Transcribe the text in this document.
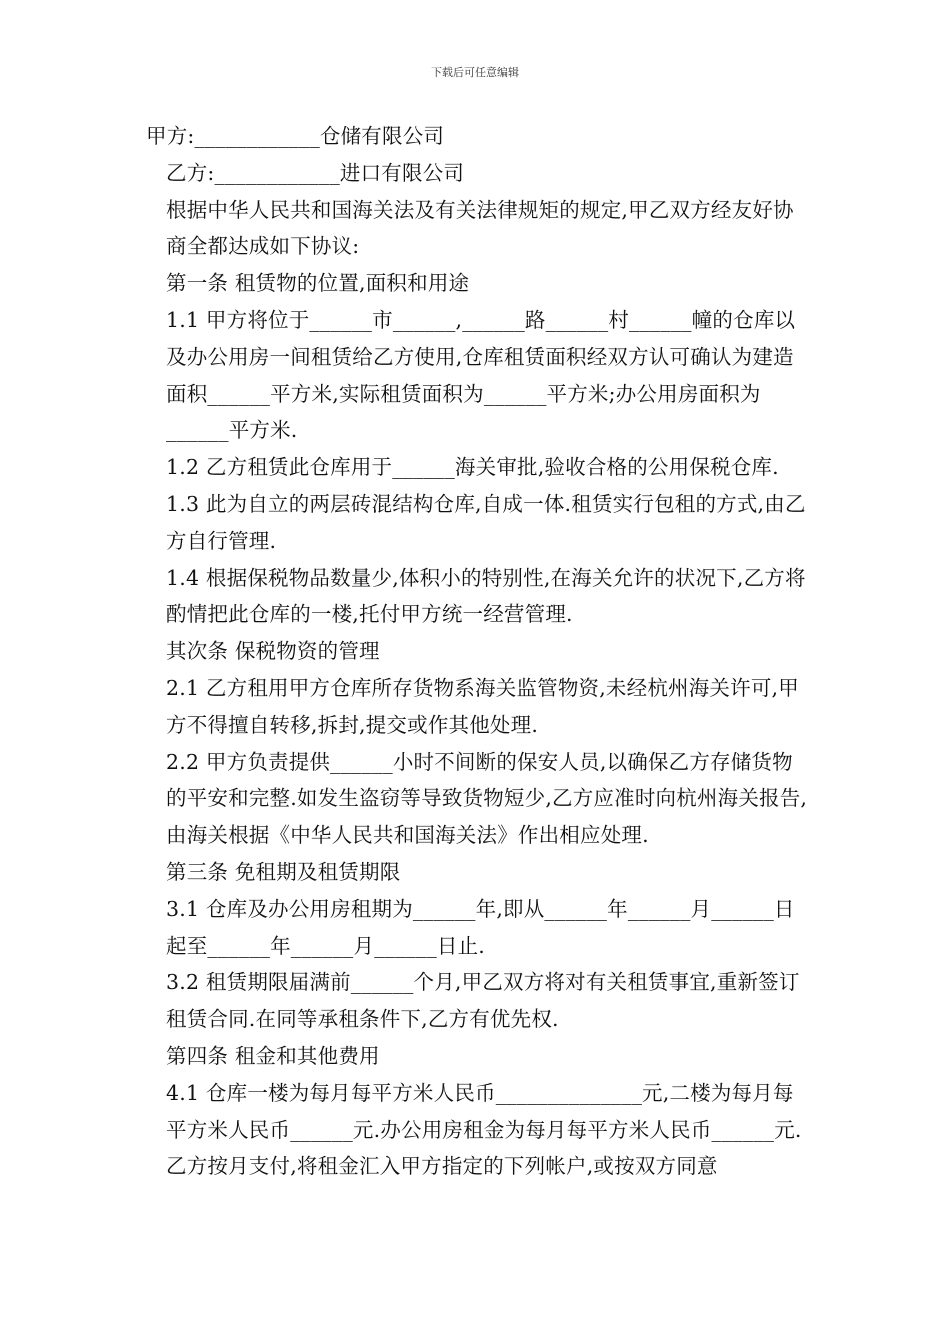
下载后可任意编辑

甲方:____________仓储有限公司

乙方:____________进口有限公司

根据中华人民共和国海关法及有关法律规矩的规定,甲乙双方经友好协商全都达成如下协议:

第一条 租赁物的位置,面积和用途

1.1 甲方将位于______市______,______路______村______幢的仓库以及办公用房一间租赁给乙方使用,仓库租赁面积经双方认可确认为建造面积______平方米,实际租赁面积为______平方米;办公用房面积为______平方米.

1.2 乙方租赁此仓库用于______海关审批,验收合格的公用保税仓库.

1.3 此为自立的两层砖混结构仓库,自成一体.租赁实行包租的方式,由乙方自行管理.

1.4 根据保税物品数量少,体积小的特别性,在海关允许的状况下,乙方将酌情把此仓库的一楼,托付甲方统一经营管理.

其次条 保税物资的管理

2.1 乙方租用甲方仓库所存货物系海关监管物资,未经杭州海关许可,甲方不得擅自转移,拆封,提交或作其他处理.

2.2 甲方负责提供______小时不间断的保安人员,以确保乙方存储货物的平安和完整.如发生盗窃等导致货物短少,乙方应准时向杭州海关报告,由海关根据《中华人民共和国海关法》作出相应处理.

第三条 免租期及租赁期限

3.1 仓库及办公用房租期为______年,即从______年______月______日起至______年______月______日止.

3.2 租赁期限届满前______个月,甲乙双方将对有关租赁事宜,重新签订租赁合同.在同等承租条件下,乙方有优先权.

第四条 租金和其他费用

4.1 仓库一楼为每月每平方米人民币______________元,二楼为每月每平方米人民币______元.办公用房租金为每月每平方米人民币______元.乙方按月支付,将租金汇入甲方指定的下列帐户,或按双方同意
